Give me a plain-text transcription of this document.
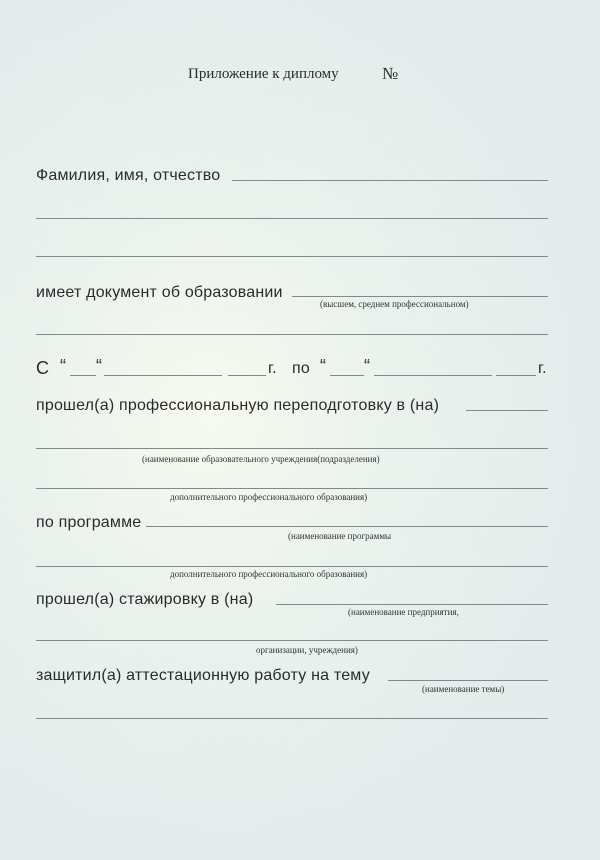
Приложение к диплому	№
Фамилия, имя, отчество
имеет документ об образовании
(высшем, среднем профессиональном)
С “ “	г. по “ “	г.
прошел(а) профессиональную переподготовку в (на)
(наименование образовательного учреждения(подразделения)
дополнительного профессионального образования)
по программе
(наименование программы
дополнительного профессионального образования)
прошел(а) стажировку в (на)
(наименование предприятия,
организации, учреждения)
защитил(а) аттестационную работу на тему
(наименование темы)
